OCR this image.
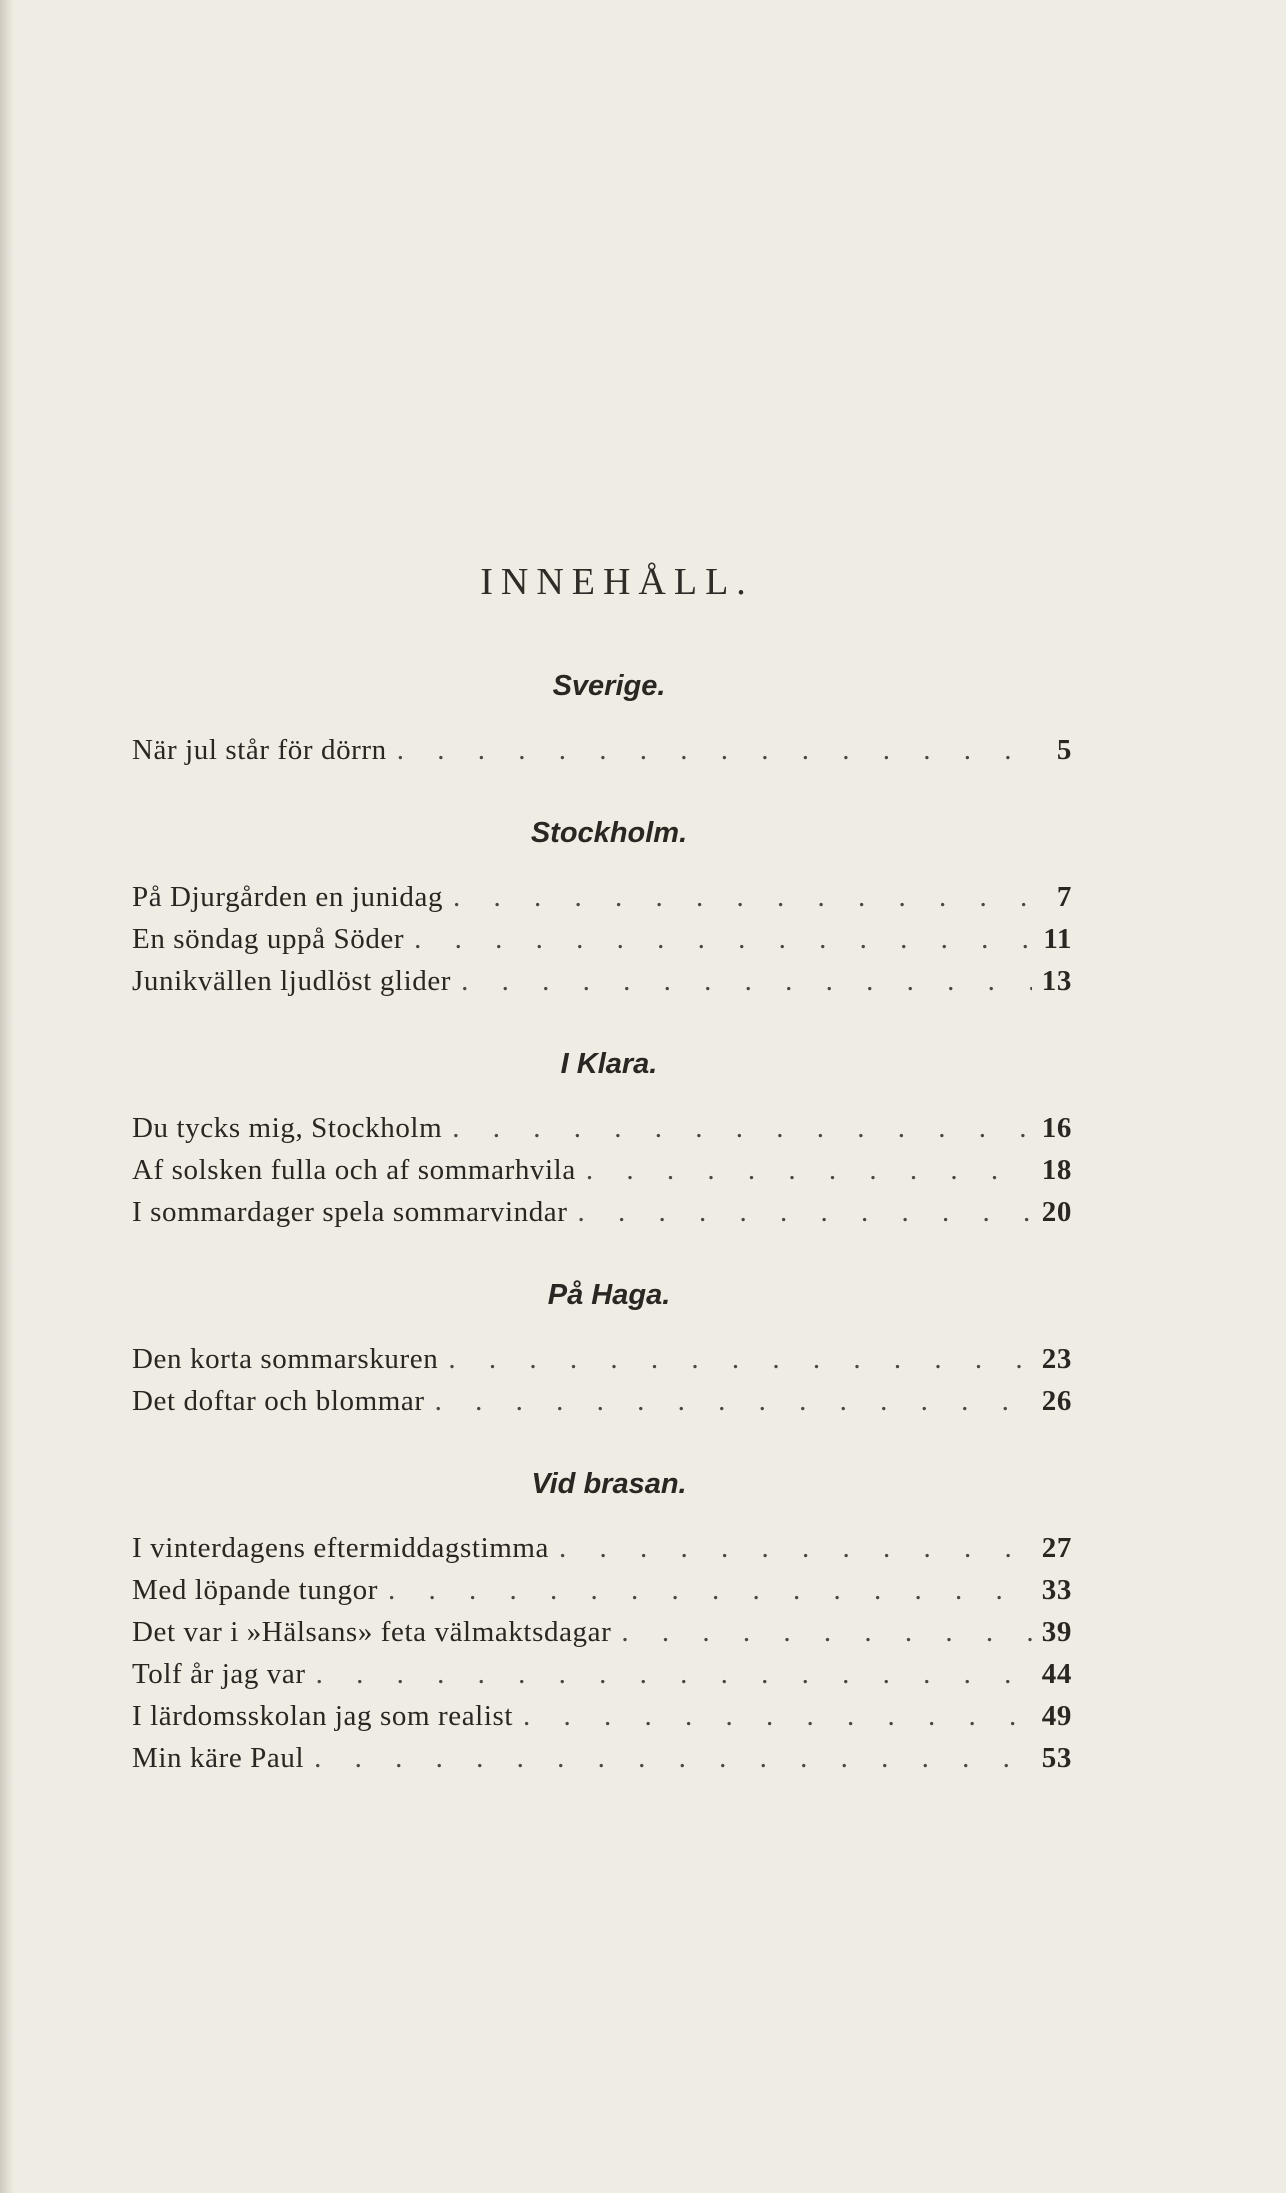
INNEHÅLL.
Sverige.
När jul står för dörrn . . .	5
Stockholm.
På Djurgården en junidag . . .	7
En söndag uppå Söder . . .	11
Junikvällen ljudlöst glider . . .	13
I Klara.
Du tycks mig, Stockholm . . .	16
Af solsken fulla och af sommarhvila . . .	18
I sommardager spela sommarvindar . . .	20
På Haga.
Den korta sommarskuren . . .	23
Det doftar och blommar . . .	26
Vid brasan.
I vinterdagens eftermiddagstimma . . .	27
Med löpande tungor . . .	33
Det var i »Hälsans» feta välmaktsdagar . . .	39
Tolf år jag var . . .	44
I lärdomsskolan jag som realist . . .	49
Min käre Paul . . .	53
